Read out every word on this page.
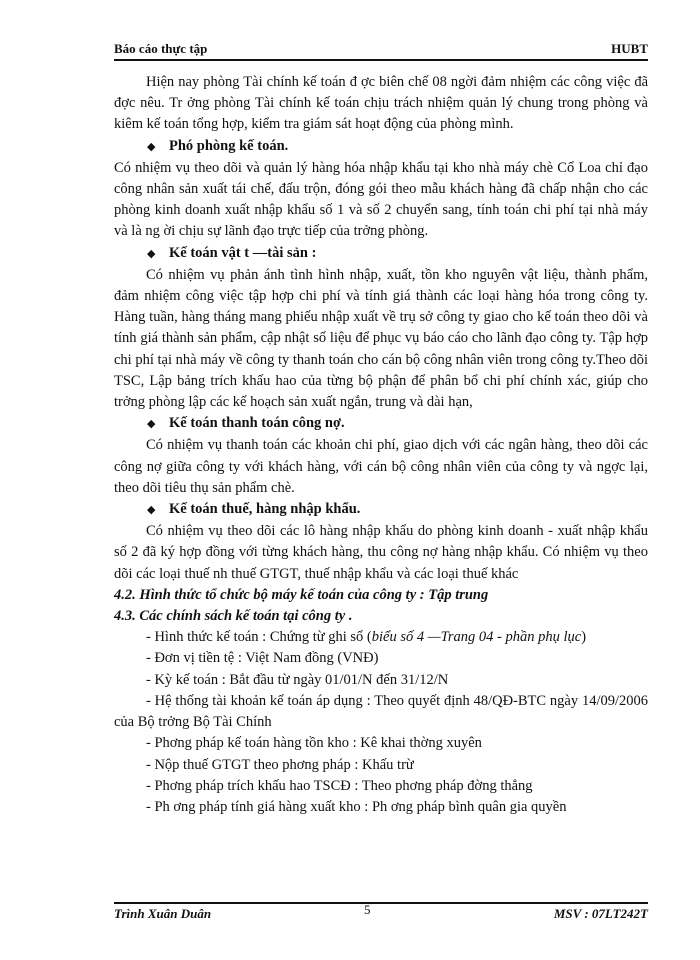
Báo cáo thực tập	HUBT

Hiện nay phòng Tài chính kế toán đ ợc biên chế 08 ngời đảm nhiệm các công việc đã đợc nêu. Tr ởng phòng Tài chính kế toán chịu trách nhiệm quản lý chung trong phòng và kiêm kế toán tổng hợp, kiểm tra giám sát hoạt động của phòng mình.

◆ Phó phòng kế toán.

Có nhiệm vụ theo dõi và quản lý hàng hóa nhập khẩu tại kho nhà máy chè Cổ Loa chỉ đạo công nhân sản xuất tái chế, đấu trộn, đóng gói theo mẫu khách hàng đã chấp nhận cho các phòng kinh doanh xuất nhập khẩu số 1 và số 2 chuyển sang, tính toán chi phí tại nhà máy và là ng ời chịu sự lãnh đạo trực tiếp của trởng phòng.

◆ Kế toán vật t —tài sản :

Có nhiệm vụ phản ánh tình hình nhập, xuất, tồn kho nguyên vật liệu, thành phẩm, đảm nhiệm công việc tập hợp chi phí và tính giá thành các loại hàng hóa trong công ty. Hàng tuần, hàng tháng mang phiếu nhập xuất về trụ sở công ty giao cho kế toán theo dõi và tính giá thành sản phẩm, cập nhật số liệu để phục vụ báo cáo cho lãnh đạo công ty. Tập hợp chi phí tại nhà máy về công ty thanh toán cho cán bộ công nhân viên trong công ty.Theo dõi TSC, Lập bảng trích khấu hao của từng bộ phận để phân bổ chi phí chính xác, giúp cho trởng phòng lập các kế hoạch sản xuất ngắn, trung và dài hạn,

◆ Kế toán thanh toán công nợ.

Có nhiệm vụ thanh toán các khoản chi phí, giao dịch với các ngân hàng, theo dõi các công nợ giữa công ty với khách hàng, với cán bộ công nhân viên của công ty và ngợc lại, theo dõi tiêu thụ sản phẩm chè.

◆ Kế toán thuế, hàng nhập khẩu.

Có nhiệm vụ theo dõi các lô hàng nhập khẩu do phòng kinh doanh - xuất nhập khẩu số 2 đã ký hợp đồng với từng khách hàng, thu công nợ hàng nhập khẩu. Có nhiệm vụ theo dõi các loại thuế nh thuế GTGT, thuế nhập khẩu và các loại thuế khác

4.2. Hình thức tổ chức bộ máy kế toán của công ty : Tập trung

4.3. Các chính sách kế toán tại công ty .

- Hình thức kế toán : Chứng từ ghi sổ (biểu số 4 —Trang 04 - phần phụ lục)

- Đơn vị tiền tệ : Việt Nam đồng (VNĐ)

- Kỳ kế toán : Bắt đầu từ ngày 01/01/N đến 31/12/N

- Hệ thống tài khoản kế toán áp dụng : Theo quyết định 48/QĐ-BTC ngày 14/09/2006 của Bộ trởng Bộ Tài Chính

- Phơng pháp kế toán hàng tồn kho : Kê khai thờng xuyên

- Nộp thuế GTGT theo phơng pháp : Khấu trừ

- Phơng pháp trích khấu hao TSCĐ : Theo phơng pháp đờng thẳng

- Ph ơng pháp tính giá hàng xuất kho : Ph ơng pháp bình quân gia quyền

Trình Xuân Duân	5	MSV : 07LT242T
